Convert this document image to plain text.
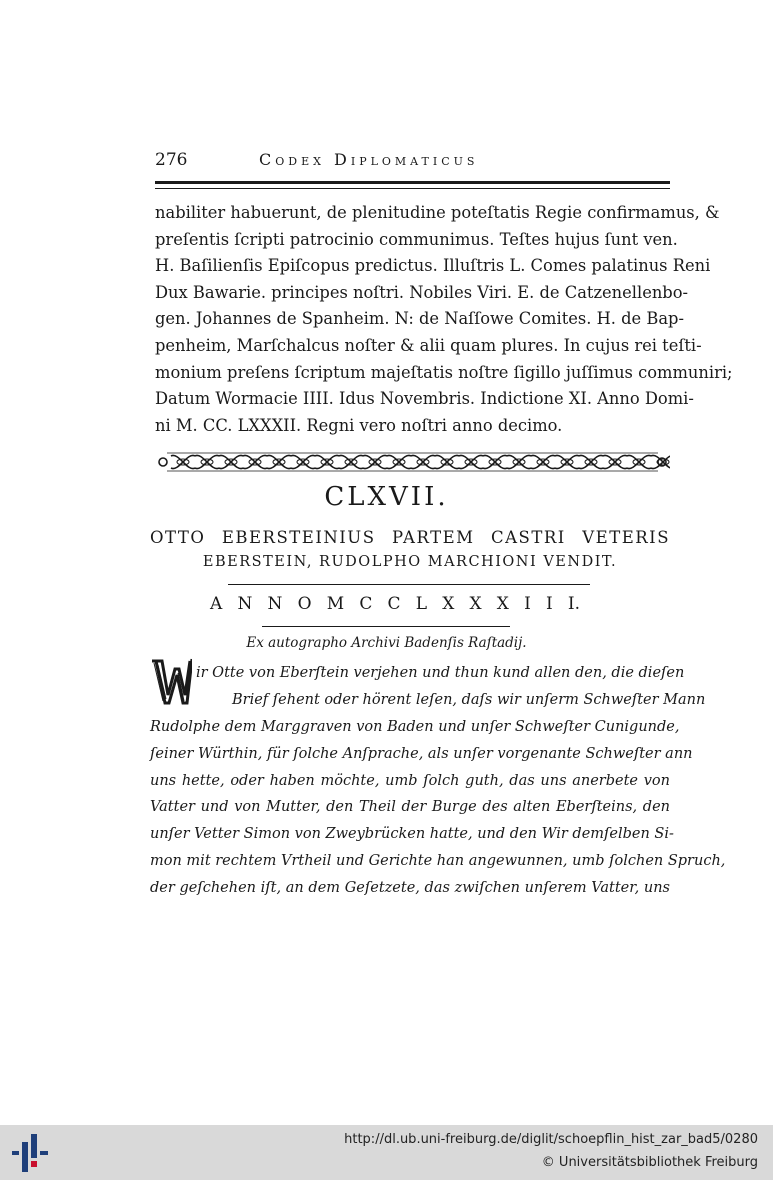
276	Codex Diplomaticus
nabiliter habuerunt, de plenitudine poteſtatis Regie confirmamus, &
preſentis ſcripti patrocinio communimus. Teſtes hujus ſunt ven.
H. Baſilienſis Epiſcopus predictus. Illuſtris L. Comes palatinus Reni
Dux Bawarie. principes noſtri. Nobiles Viri. E. de Catzenellenbo-
gen. Johannes de Spanheim. N: de Naſſowe Comites. H. de Bap-
penheim, Marſchalcus noſter & alii quam plures. In cujus rei teſti-
monium preſens ſcriptum majeſtatis noſtre ſigillo juſſimus communiri;
Datum Wormacie IIII. Idus Novembris. Indictione XI. Anno Domi-
ni M. CC. LXXXII. Regni vero noſtri anno decimo.
CLXVII.
OTTO EBERSTEINIUS PARTEM CASTRI VETERIS
EBERSTEIN, RUDOLPHO MARCHIONI VENDIT.
A N N O M C C L X X X I I I.
Ex autographo Archivi Badenſis Raſtadij.
ir Otte von Eberſtein verjehen und thun kund allen den, die dieſen
Brief ſehent oder hörent leſen, daſs wir unſerm Schweſter Mann
Rudolphe dem Marggraven von Baden und unſer Schweſter Cunigunde,
ſeiner Würthin, für ſolche Anſprache, als unſer vorgenante Schweſter ann
uns hette, oder haben möchte, umb ſolch guth, das uns anerbete von
Vatter und von Mutter, den Theil der Burge des alten Eberſteins, den
unſer Vetter Simon von Zweybrücken hatte, und den Wir demſelben Si-
mon mit rechtem Vrtheil und Gerichte han angewunnen, umb ſolchen Spruch,
der geſchehen iſt, an dem Geſetzete, das zwiſchen unſerem Vatter, uns
http://dl.ub.uni-freiburg.de/diglit/schoepflin_hist_zar_bad5/0280
© Universitätsbibliothek Freiburg
